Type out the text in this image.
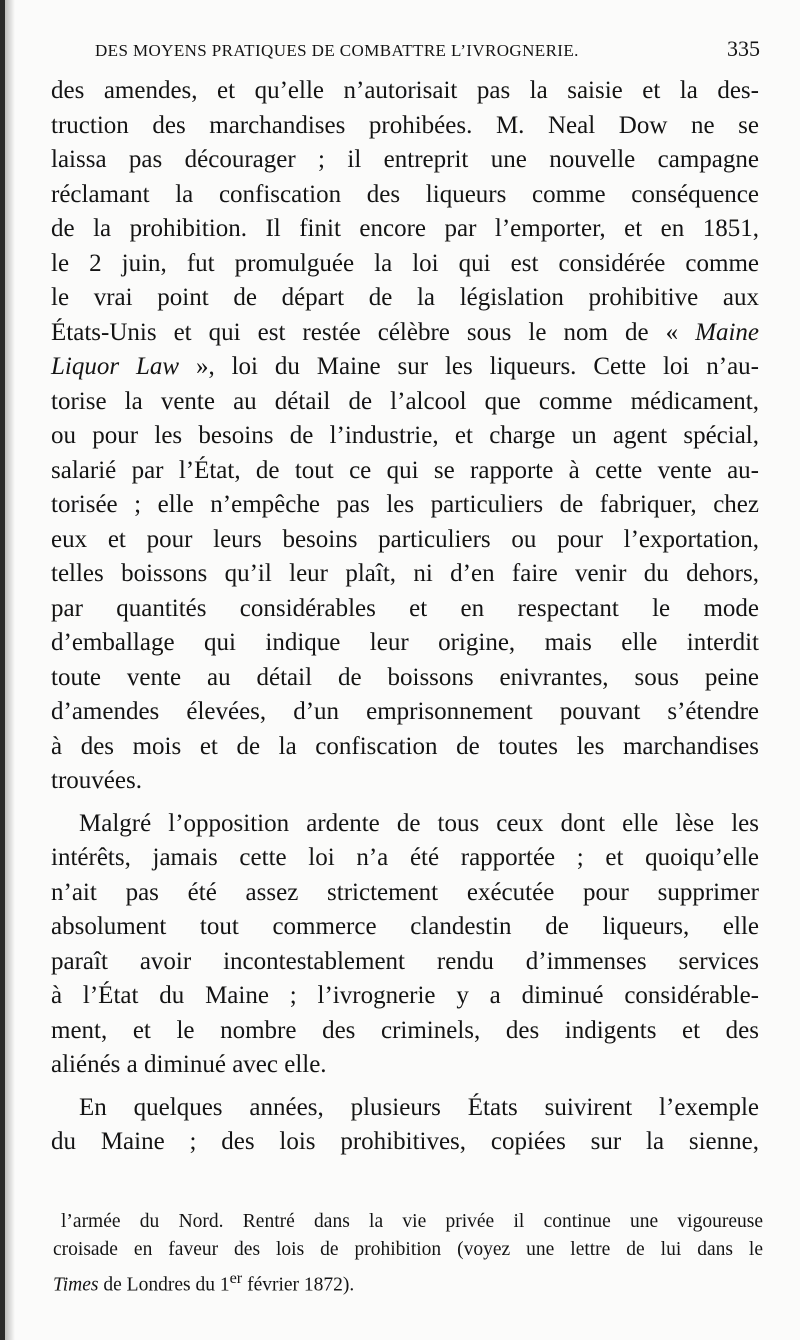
DES MOYENS PRATIQUES DE COMBATTRE L’IVROGNERIE.	335
des amendes, et qu’elle n’autorisait pas la saisie et la des-
truction des marchandises prohibées. M. Neal Dow ne se
laissa pas décourager ; il entreprit une nouvelle campagne
réclamant la confiscation des liqueurs comme conséquence
de la prohibition. Il finit encore par l’emporter, et en 1851,
le 2 juin, fut promulguée la loi qui est considérée comme
le vrai point de départ de la législation prohibitive aux
États-Unis et qui est restée célèbre sous le nom de « Maine
Liquor Law », loi du Maine sur les liqueurs. Cette loi n’au-
torise la vente au détail de l’alcool que comme médicament,
ou pour les besoins de l’industrie, et charge un agent spécial,
salarié par l’État, de tout ce qui se rapporte à cette vente au-
torisée ; elle n’empêche pas les particuliers de fabriquer, chez
eux et pour leurs besoins particuliers ou pour l’exportation,
telles boissons qu’il leur plaît, ni d’en faire venir du dehors,
par quantités considérables et en respectant le mode
d’emballage qui indique leur origine, mais elle interdit
toute vente au détail de boissons enivrantes, sous peine
d’amendes élevées, d’un emprisonnement pouvant s’étendre
à des mois et de la confiscation de toutes les marchandises
trouvées.
Malgré l’opposition ardente de tous ceux dont elle lèse les
intérêts, jamais cette loi n’a été rapportée ; et quoiqu’elle
n’ait pas été assez strictement exécutée pour supprimer
absolument tout commerce clandestin de liqueurs, elle
paraît avoir incontestablement rendu d’immenses services
à l’État du Maine ; l’ivrognerie y a diminué considérable-
ment, et le nombre des criminels, des indigents et des
aliénés a diminué avec elle.
En quelques années, plusieurs États suivirent l’exemple
du Maine ; des lois prohibitives, copiées sur la sienne,
l’armée du Nord. Rentré dans la vie privée il continue une vigoureuse
croisade en faveur des lois de prohibition (voyez une lettre de lui dans le
Times de Londres du 1er février 1872).
